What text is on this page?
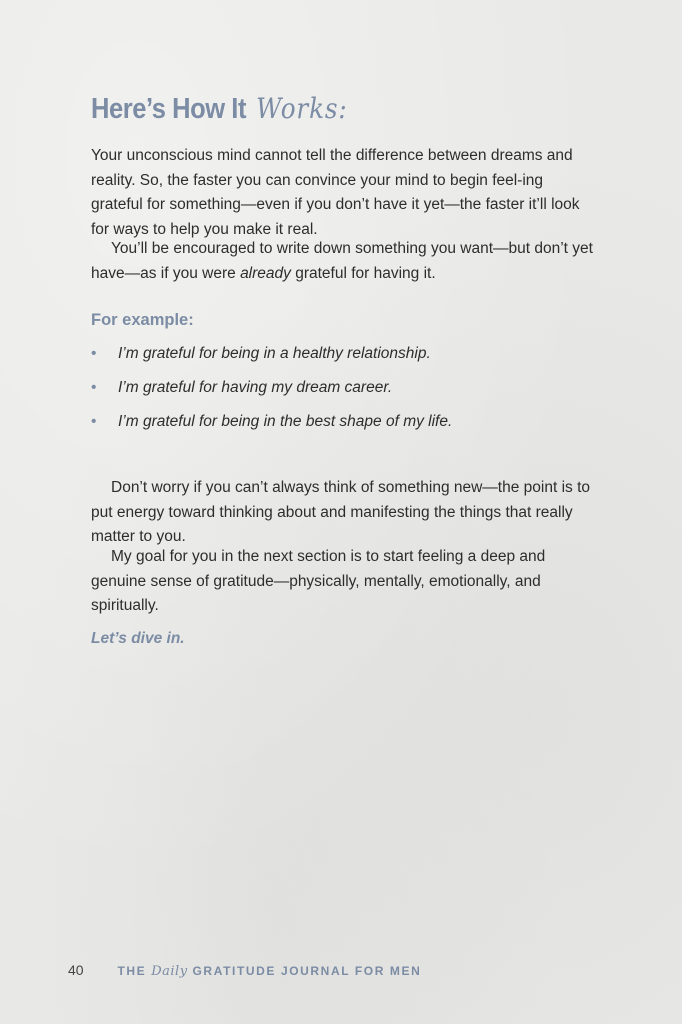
Here’s How It Works:

Your unconscious mind cannot tell the difference between dreams and reality. So, the faster you can convince your mind to begin feel-ing grateful for something—even if you don’t have it yet—the faster it’ll look for ways to help you make it real.

You’ll be encouraged to write down something you want—but don’t yet have—as if you were already grateful for having it.

For example:
• I’m grateful for being in a healthy relationship.
• I’m grateful for having my dream career.
• I’m grateful for being in the best shape of my life.

Don’t worry if you can’t always think of something new—the point is to put energy toward thinking about and manifesting the things that really matter to you.

My goal for you in the next section is to start feeling a deep and genuine sense of gratitude—physically, mentally, emotionally, and spiritually.

Let’s dive in.

40	THE Daily GRATITUDE JOURNAL FOR MEN
